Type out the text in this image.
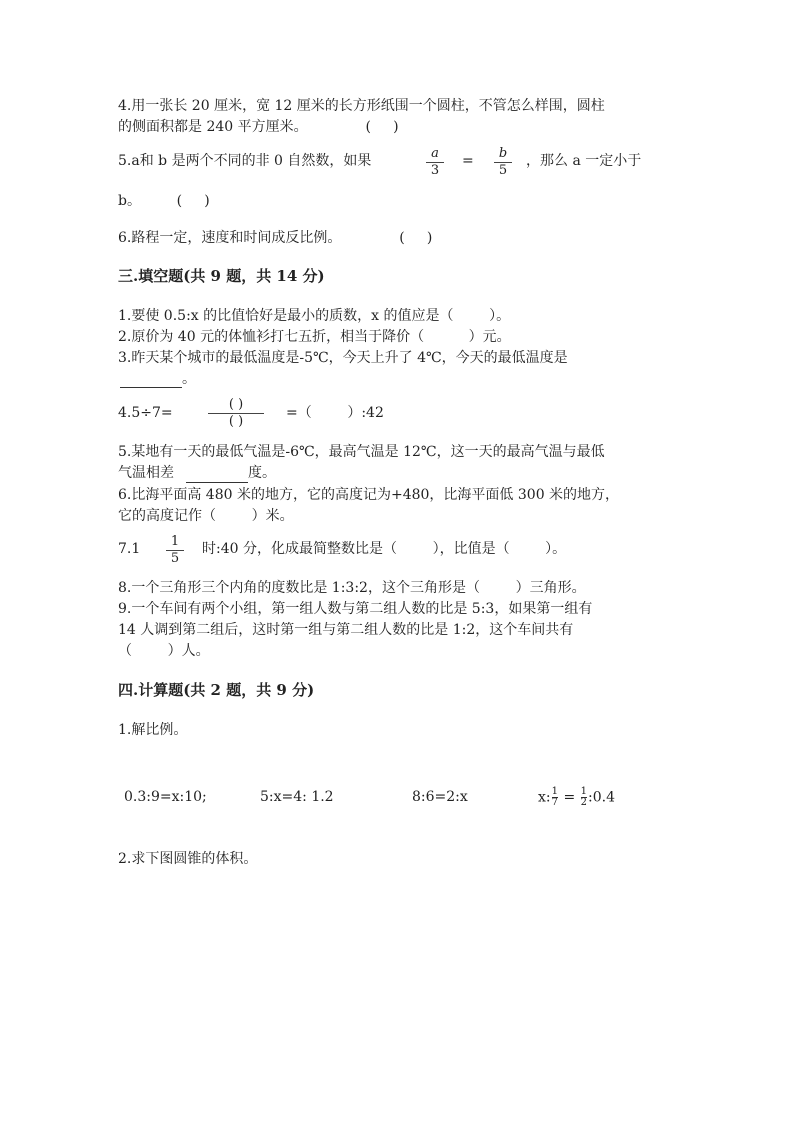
4.用一张长 20 厘米，宽 12 厘米的长方形纸围一个圆柱，不管怎么样围，圆柱
的侧面积都是 240 平方厘米。             (     )
5.a和 b 是两个不同的非 0 自然数，如果	a
3
=	b
5
，那么 a 一定小于
b。        (     )
6.路程一定，速度和时间成反比例。             (     )
三.填空题(共 9 题，共 14 分)
1.要使 0.5:x 的比值恰好是最小的质数，x 的值应是（        ）。
2.原价为 40 元的体恤衫打七五折，相当于降价（          ）元。
3.昨天某个城市的最低温度是-5℃，今天上升了 4℃，今天的最低温度是
。
4.5÷7=
( )
( )
=（        ）:42
5.某地有一天的最低气温是-6℃，最高气温是 12℃，这一天的最高气温与最低
气温相差	度。
6.比海平面高 480 米的地方，它的高度记为+480，比海平面低 300 米的地方，
它的高度记作（        ）米。
7.1	1
5
时:40 分，化成最简整数比是（        ），比值是（        ）。
8.一个三角形三个内角的度数比是 1:3:2，这个三角形是（        ）三角形。
9.一个车间有两个小组，第一组人数与第二组人数的比是 5:3，如果第一组有
14 人调到第二组后，这时第一组与第二组人数的比是 1:2，这个车间共有
（        ）人。
四.计算题(共 2 题，共 9 分)
1.解比例。
0.3:9=x:10;	5:x=4: 1.2	8:6=2:x	x: $\frac{1}{7} = \frac{1}{2}$ :0.4
2.求下图圆锥的体积。
